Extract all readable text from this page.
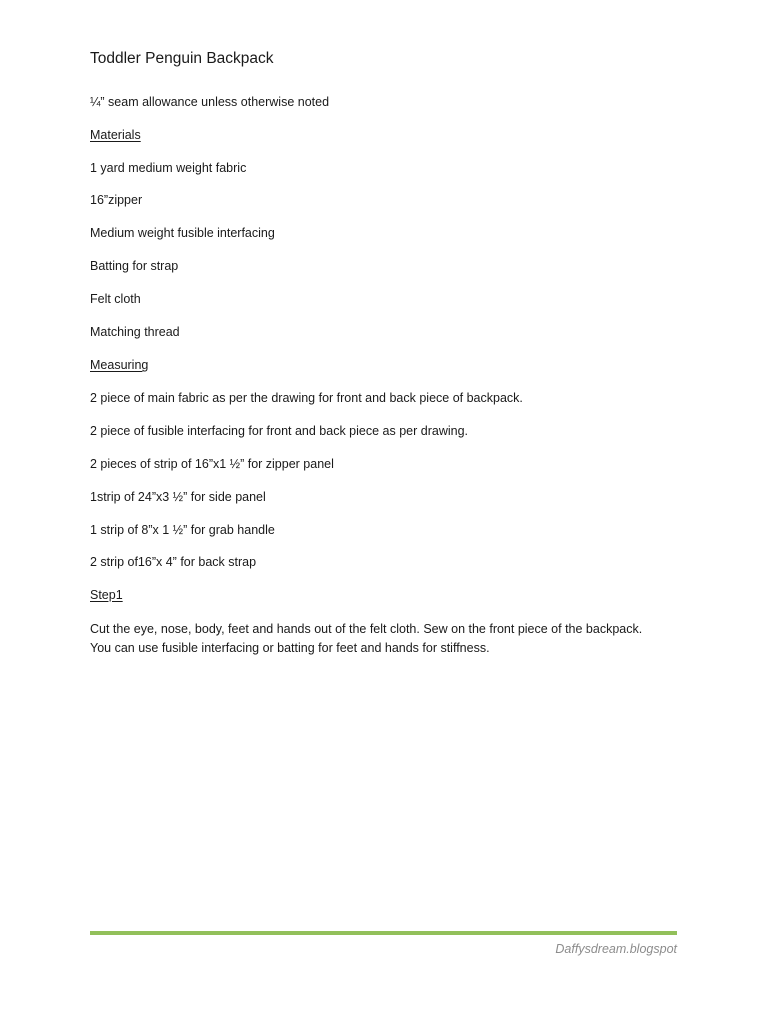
Toddler Penguin Backpack
¼” seam allowance unless otherwise noted
Materials
1 yard medium weight fabric
16”zipper
Medium weight fusible interfacing
Batting for strap
Felt cloth
Matching thread
Measuring
2 piece of main fabric as per the drawing for front and back piece of backpack.
2 piece of fusible interfacing for front and back piece as per drawing.
2 pieces of strip of 16”x1 ½” for zipper panel
1strip of 24”x3 ½” for side panel
1 strip of 8”x 1 ½” for grab handle
2 strip of16”x 4” for back strap
Step1
Cut the eye, nose, body, feet and hands out of the felt cloth. Sew on the front piece of the backpack.
You can use fusible interfacing or batting for feet and hands for stiffness.
Daffysdream.blogspot
